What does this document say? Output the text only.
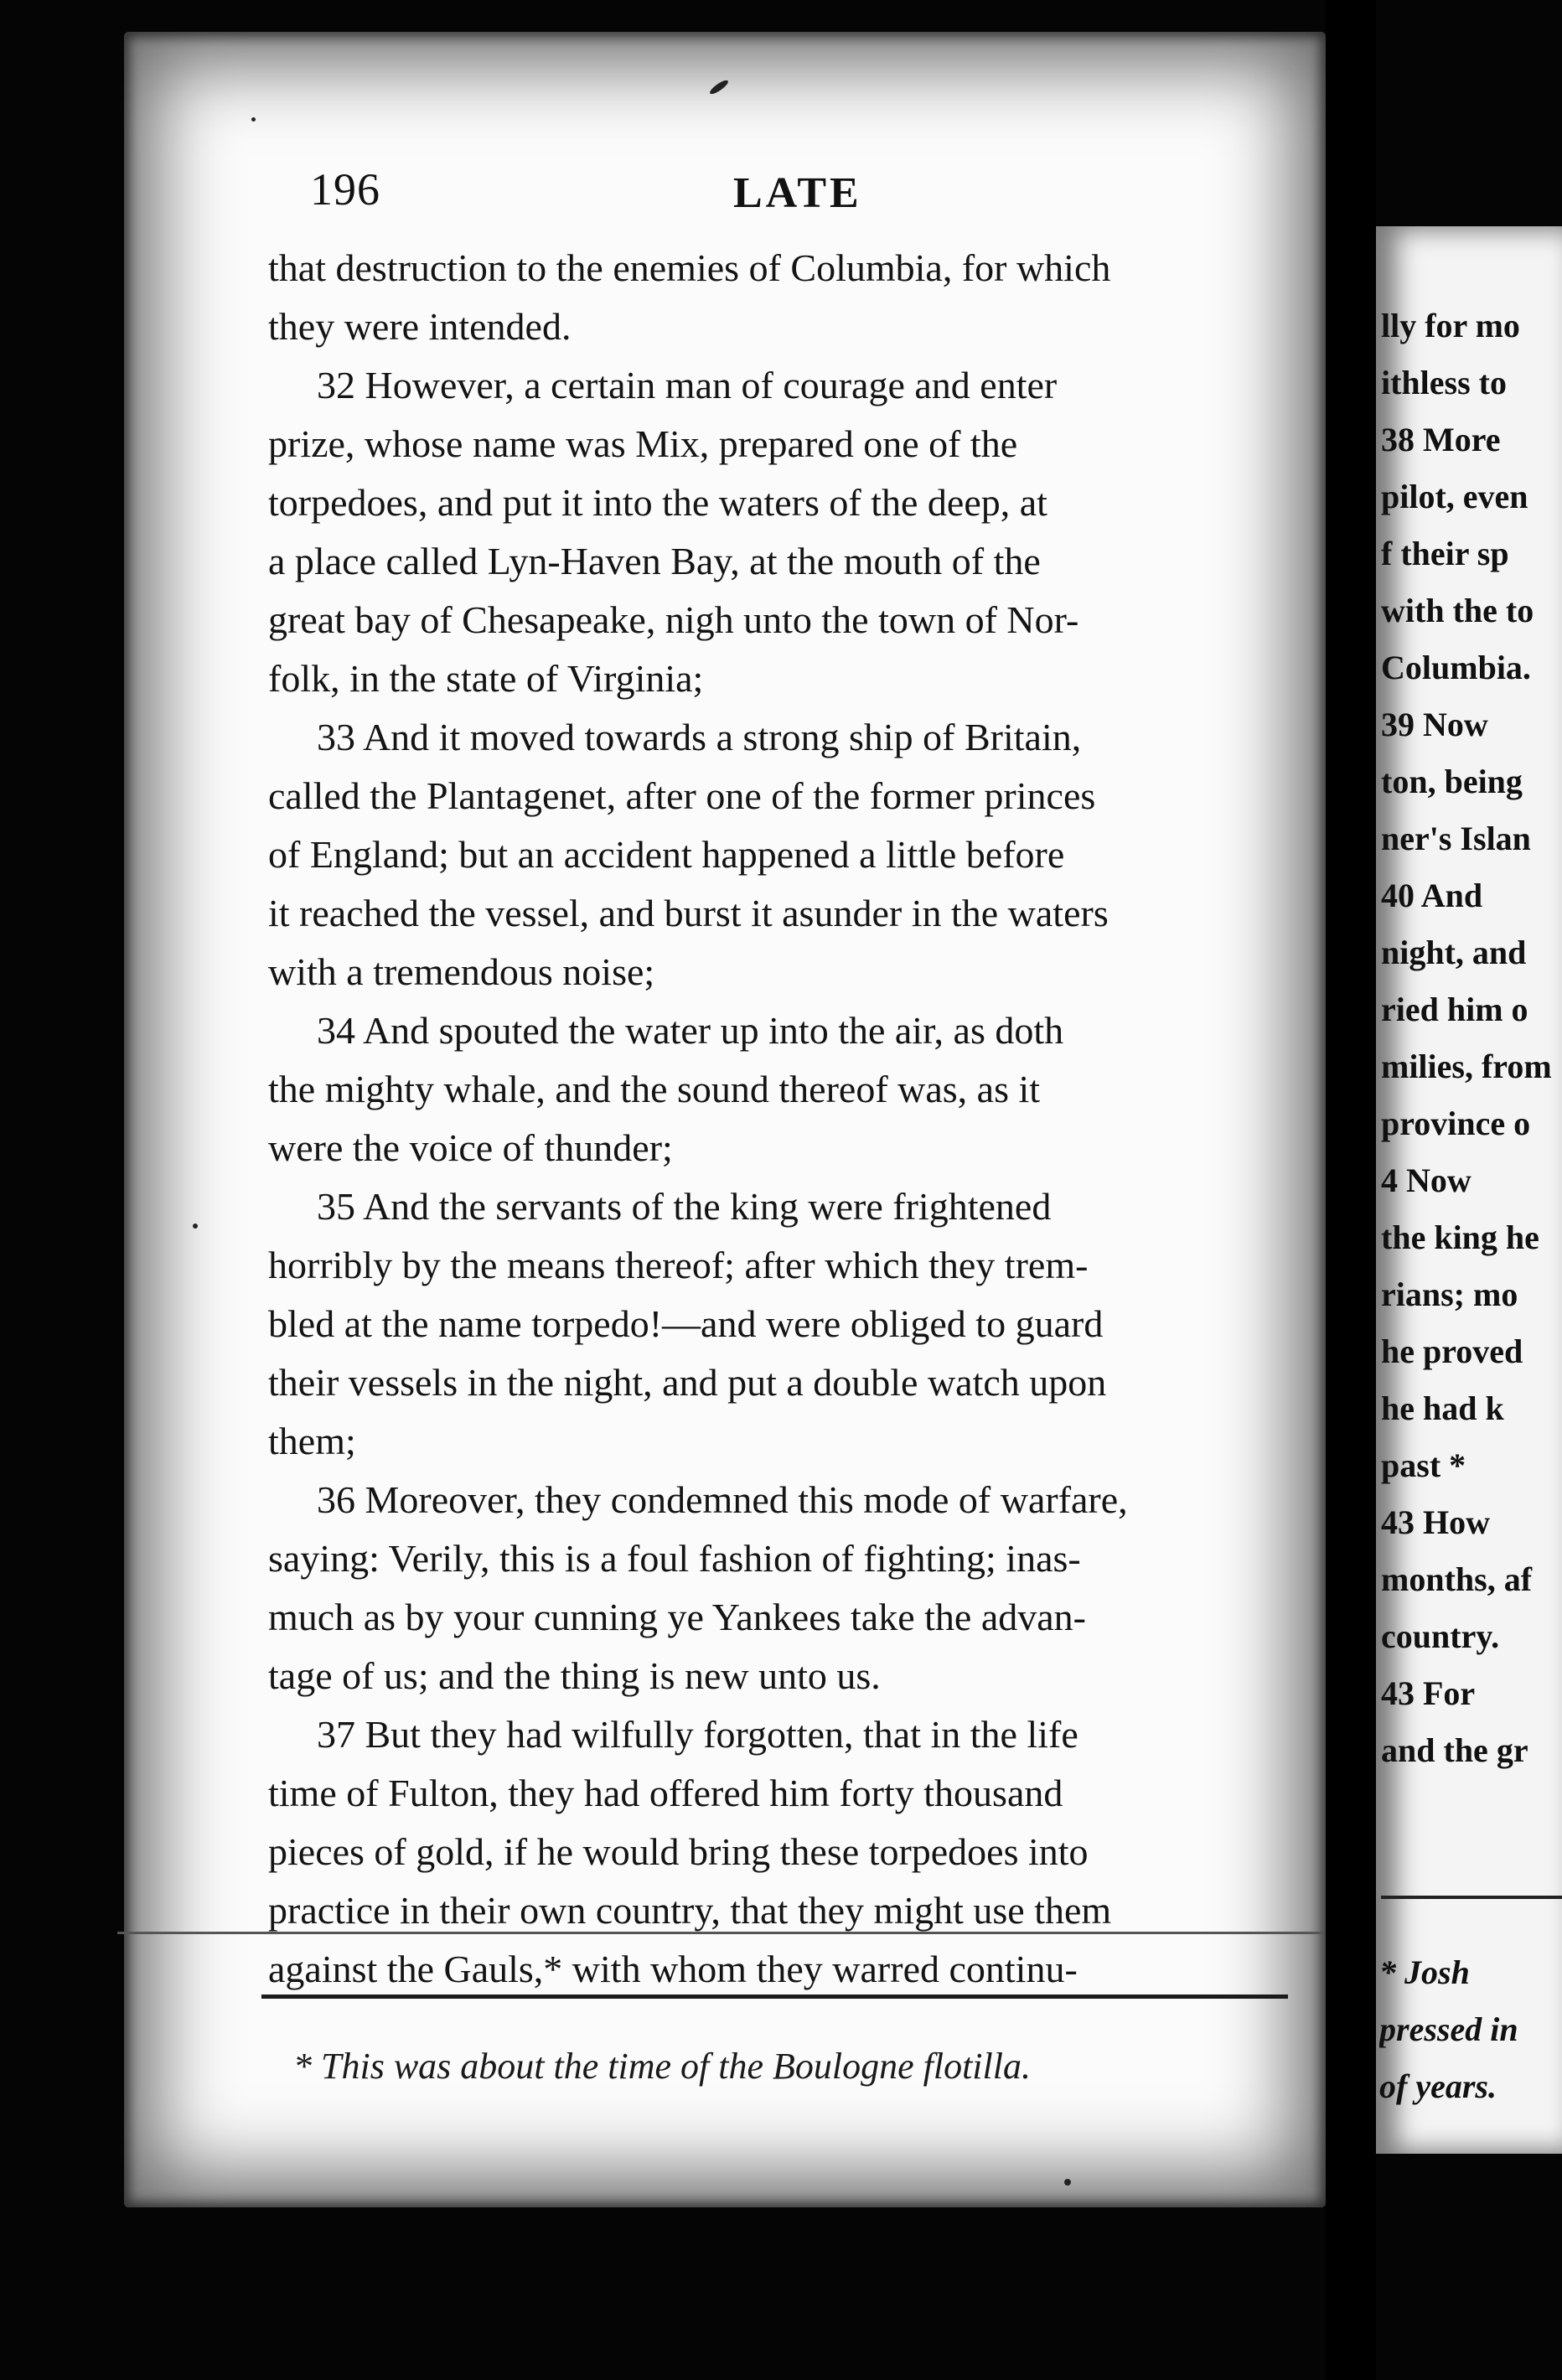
196	LATE
that destruction to the enemies of Columbia, for which
they were intended.
32 However, a certain man of courage and enter
prize, whose name was Mix, prepared one of the
torpedoes, and put it into the waters of the deep, at
a place called Lyn-Haven Bay, at the mouth of the
great bay of Chesapeake, nigh unto the town of Nor-
folk, in the state of Virginia;
33 And it moved towards a strong ship of Britain,
called the Plantagenet, after one of the former princes
of England; but an accident happened a little before
it reached the vessel, and burst it asunder in the waters
with a tremendous noise;
34 And spouted the water up into the air, as doth
the mighty whale, and the sound thereof was, as it
were the voice of thunder;
35 And the servants of the king were frightened
horribly by the means thereof; after which they trem-
bled at the name torpedo!—and were obliged to guard
their vessels in the night, and put a double watch upon
them;
36 Moreover, they condemned this mode of warfare,
saying: Verily, this is a foul fashion of fighting; inas-
much as by your cunning ye Yankees take the advan-
tage of us; and the thing is new unto us.
37 But they had wilfully forgotten, that in the life
time of Fulton, they had offered him forty thousand
pieces of gold, if he would bring these torpedoes into
practice in their own country, that they might use them
against the Gauls,* with whom they warred continu-
* This was about the time of the Boulogne flotilla.
lly for mo
ithless to
38 More
pilot, even
f their sp
with the to
Columbia.
39 Now
ton, being
ner's Islan
40 And
night, and
ried him o
milies, from
province o
4 Now
the king he
rians; mo
he proved
he had k
past *
43 How
months, af
country.
43 For
and the gr
* Josh
pressed in
of years.
